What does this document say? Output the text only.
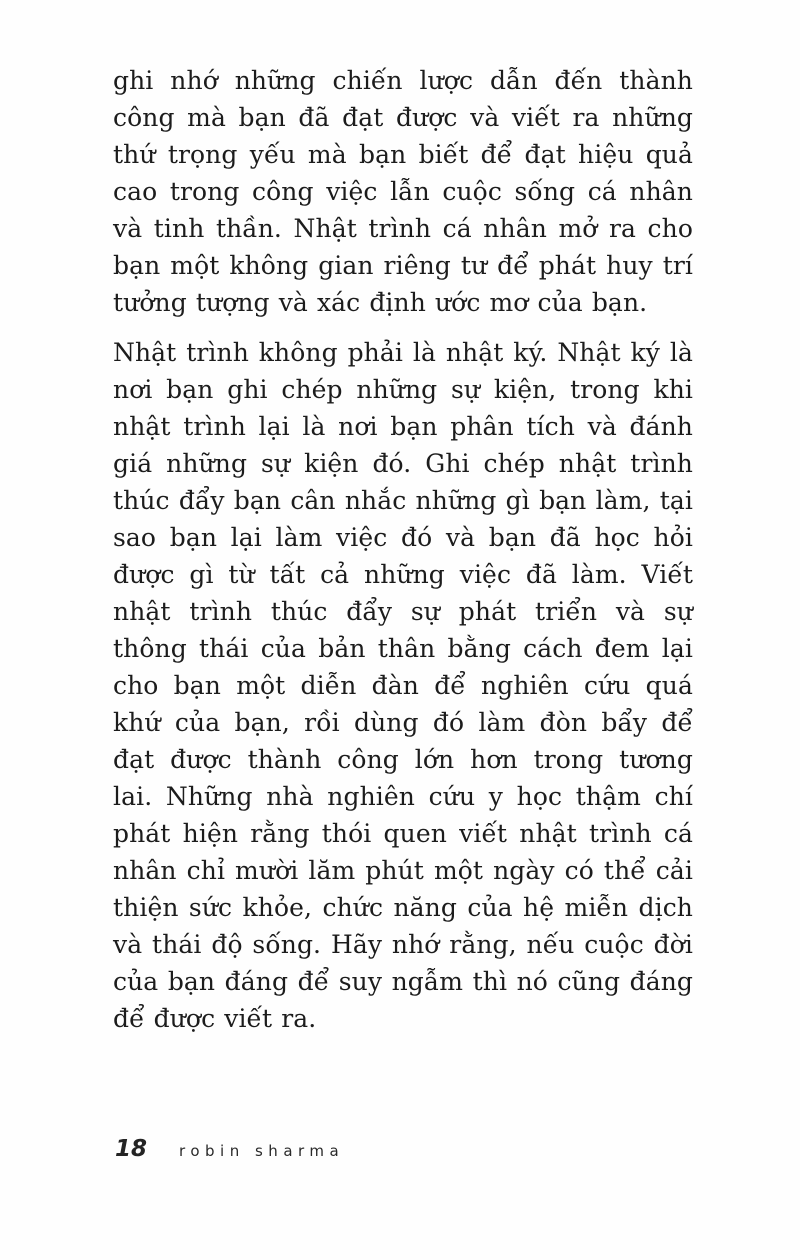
ghi nhớ những chiến lược dẫn đến thành công mà bạn đã đạt được và viết ra những thứ trọng yếu mà bạn biết để đạt hiệu quả cao trong công việc lẫn cuộc sống cá nhân và tinh thần. Nhật trình cá nhân mở ra cho bạn một không gian riêng tư để phát huy trí tưởng tượng và xác định ước mơ của bạn.

Nhật trình không phải là nhật ký. Nhật ký là nơi bạn ghi chép những sự kiện, trong khi nhật trình lại là nơi bạn phân tích và đánh giá những sự kiện đó. Ghi chép nhật trình thúc đẩy bạn cân nhắc những gì bạn làm, tại sao bạn lại làm việc đó và bạn đã học hỏi được gì từ tất cả những việc đã làm. Viết nhật trình thúc đẩy sự phát triển và sự thông thái của bản thân bằng cách đem lại cho bạn một diễn đàn để nghiên cứu quá khứ của bạn, rồi dùng đó làm đòn bẩy để đạt được thành công lớn hơn trong tương lai. Những nhà nghiên cứu y học thậm chí phát hiện rằng thói quen viết nhật trình cá nhân chỉ mười lăm phút một ngày có thể cải thiện sức khỏe, chức năng của hệ miễn dịch và thái độ sống. Hãy nhớ rằng, nếu cuộc đời của bạn đáng để suy ngẫm thì nó cũng đáng để được viết ra.

18 robin sharma
